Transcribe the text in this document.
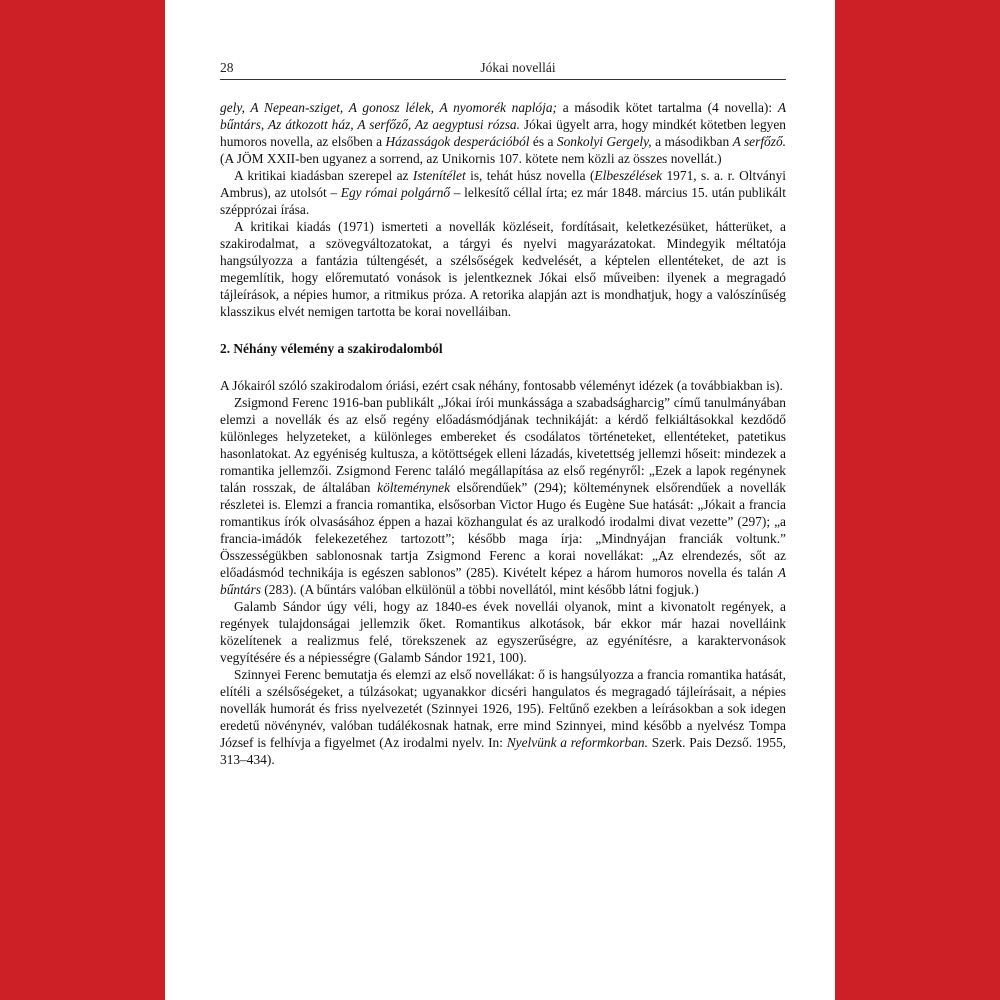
28	Jókai novellái

gely, A Nepean-sziget, A gonosz lélek, A nyomorék naplója; a második kötet tartalma (4 novella): A bűntárs, Az átkozott ház, A serfőző, Az aegyptusi rózsa. Jókai ügyelt arra, hogy mindkét kötetben legyen humoros novella, az elsőben a Házasságok desperációból és a Sonkolyi Gergely, a másodikban A serfőző. (A JÖM XXII-ben ugyanez a sorrend, az Unikornis 107. kötete nem közli az összes novellát.)

A kritikai kiadásban szerepel az Istenítélet is, tehát húsz novella (Elbeszélések 1971, s. a. r. Oltványi Ambrus), az utolsót – Egy római polgárnő – lelkesítő céllal írta; ez már 1848. március 15. után publikált szépprózai írása.

A kritikai kiadás (1971) ismerteti a novellák közléseit, fordításait, keletkezésüket, hátterüket, a szakirodalmat, a szövegváltozatokat, a tárgyi és nyelvi magyarázatokat. Mindegyik méltatója hangsúlyozza a fantázia túltengését, a szélsőségek kedvelését, a képtelen ellentéteket, de azt is megemlítik, hogy előremutató vonások is jelentkeznek Jókai első műveiben: ilyenek a megragadó tájleírások, a népies humor, a ritmikus próza. A retorika alapján azt is mondhatjuk, hogy a valószínűség klasszikus elvét nemigen tartotta be korai novelláiban.

2. Néhány vélemény a szakirodalomból

A Jókairól szóló szakirodalom óriási, ezért csak néhány, fontosabb véleményt idézek (a továbbiakban is).

Zsigmond Ferenc 1916-ban publikált „Jókai írói munkássága a szabadságharcig” című tanulmányában elemzi a novellák és az első regény előadásmódjának technikáját: a kérdő felkiáltásokkal kezdődő különleges helyzeteket, a különleges embereket és csodálatos történeteket, ellentéteket, patetikus hasonlatokat. Az egyéniség kultusza, a kötöttségek elleni lázadás, kivetettség jellemzi hőseit: mindezek a romantika jellemzői. Zsigmond Ferenc találó megállapítása az első regényről: „Ezek a lapok regénynek talán rosszak, de általában költeménynek elsőrendűek” (294); költeménynek elsőrendűek a novellák részletei is. Elemzi a francia romantika, elsősorban Victor Hugo és Eugène Sue hatását: „Jókait a francia romantikus írók olvasásához éppen a hazai közhangulat és az uralkodó irodalmi divat vezette” (297); „a francia-imádók felekezetéhez tartozott”; később maga írja: „Mindnyájan franciák voltunk.” Összességükben sablonosnak tartja Zsigmond Ferenc a korai novellákat: „Az elrendezés, sőt az előadásmód technikája is egészen sablonos” (285). Kivételt képez a három humoros novella és talán A bűntárs (283). (A bűntárs valóban elkülönül a többi novellától, mint később látni fogjuk.)

Galamb Sándor úgy véli, hogy az 1840-es évek novellái olyanok, mint a kivonatolt regények, a regények tulajdonságai jellemzik őket. Romantikus alkotások, bár ekkor már hazai novelláink közelítenek a realizmus felé, törekszenek az egyszerűségre, az egyénítésre, a karaktervonások vegyítésére és a népiességre (Galamb Sándor 1921, 100).

Szinnyei Ferenc bemutatja és elemzi az első novellákat: ő is hangsúlyozza a francia romantika hatását, elítéli a szélsőségeket, a túlzásokat; ugyanakkor dicséri hangulatos és megragadó tájleírásait, a népies novellák humorát és friss nyelvezetét (Szinnyei 1926, 195). Feltűnő ezekben a leírásokban a sok idegen eredetű növénynév, valóban tudálékosnak hatnak, erre mind Szinnyei, mind később a nyelvész Tompa József is felhívja a figyelmet (Az irodalmi nyelv. In: Nyelvünk a reformkorban. Szerk. Pais Dezső. 1955, 313–434).
